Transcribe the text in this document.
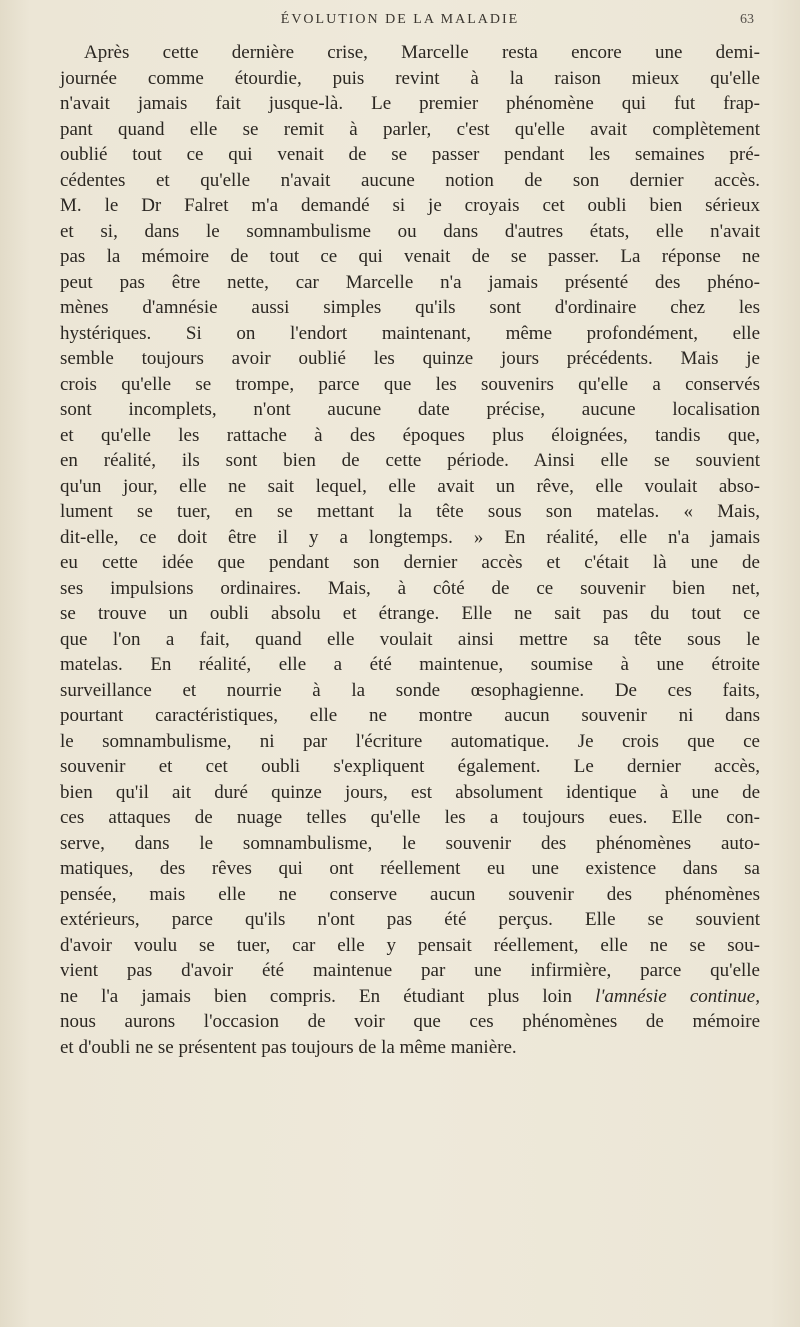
ÉVOLUTION DE LA MALADIE	63
Après cette dernière crise, Marcelle resta encore une demi-
journée comme étourdie, puis revint à la raison mieux qu'elle
n'avait jamais fait jusque-là. Le premier phénomène qui fut frap-
pant quand elle se remit à parler, c'est qu'elle avait complètement
oublié tout ce qui venait de se passer pendant les semaines pré-
cédentes et qu'elle n'avait aucune notion de son dernier accès.
M. le Dr Falret m'a demandé si je croyais cet oubli bien sérieux
et si, dans le somnambulisme ou dans d'autres états, elle n'avait
pas la mémoire de tout ce qui venait de se passer. La réponse ne
peut pas être nette, car Marcelle n'a jamais présenté des phéno-
mènes d'amnésie aussi simples qu'ils sont d'ordinaire chez les
hystériques. Si on l'endort maintenant, même profondément, elle
semble toujours avoir oublié les quinze jours précédents. Mais je
crois qu'elle se trompe, parce que les souvenirs qu'elle a conservés
sont incomplets, n'ont aucune date précise, aucune localisation
et qu'elle les rattache à des époques plus éloignées, tandis que,
en réalité, ils sont bien de cette période. Ainsi elle se souvient
qu'un jour, elle ne sait lequel, elle avait un rêve, elle voulait abso-
lument se tuer, en se mettant la tête sous son matelas. « Mais,
dit-elle, ce doit être il y a longtemps. » En réalité, elle n'a jamais
eu cette idée que pendant son dernier accès et c'était là une de
ses impulsions ordinaires. Mais, à côté de ce souvenir bien net,
se trouve un oubli absolu et étrange. Elle ne sait pas du tout ce
que l'on a fait, quand elle voulait ainsi mettre sa tête sous le
matelas. En réalité, elle a été maintenue, soumise à une étroite
surveillance et nourrie à la sonde œsophagienne. De ces faits,
pourtant caractéristiques, elle ne montre aucun souvenir ni dans
le somnambulisme, ni par l'écriture automatique. Je crois que ce
souvenir et cet oubli s'expliquent également. Le dernier accès,
bien qu'il ait duré quinze jours, est absolument identique à une de
ces attaques de nuage telles qu'elle les a toujours eues. Elle con-
serve, dans le somnambulisme, le souvenir des phénomènes auto-
matiques, des rêves qui ont réellement eu une existence dans sa
pensée, mais elle ne conserve aucun souvenir des phénomènes
extérieurs, parce qu'ils n'ont pas été perçus. Elle se souvient
d'avoir voulu se tuer, car elle y pensait réellement, elle ne se sou-
vient pas d'avoir été maintenue par une infirmière, parce qu'elle
ne l'a jamais bien compris. En étudiant plus loin l'amnésie continue,
nous aurons l'occasion de voir que ces phénomènes de mémoire
et d'oubli ne se présentent pas toujours de la même manière.
